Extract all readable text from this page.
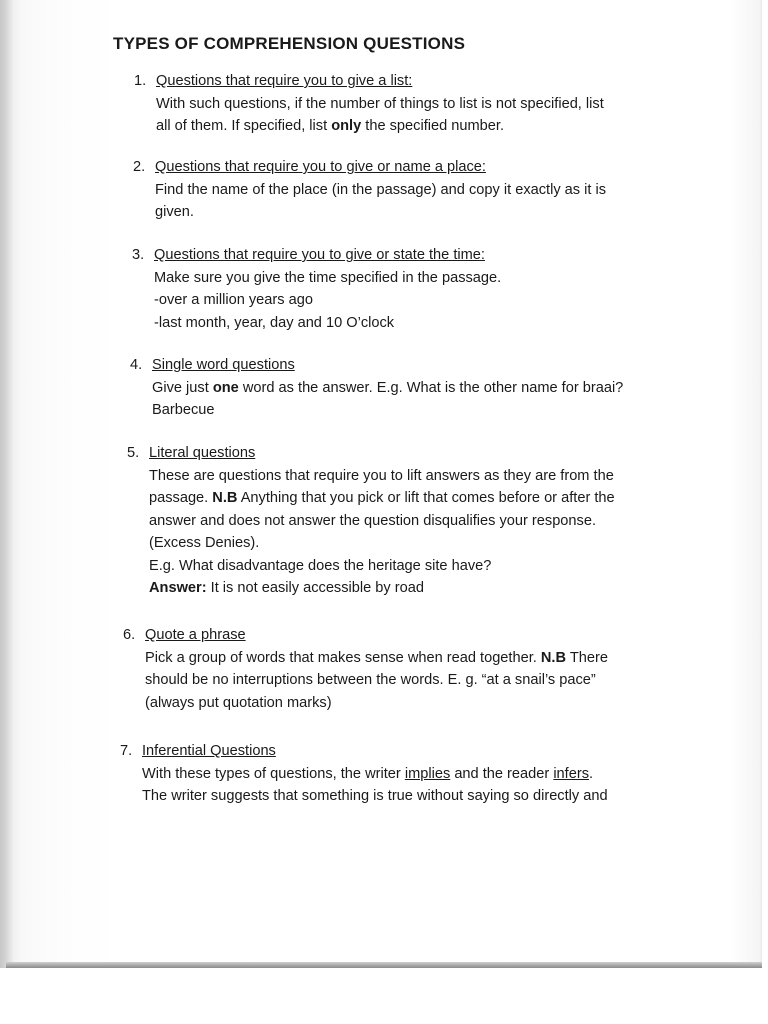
TYPES OF COMPREHENSION QUESTIONS
1. Questions that require you to give a list:
With such questions, if the number of things to list is not specified, list
all of them. If specified, list only the specified number.
2. Questions that require you to give or name a place:
Find the name of the place (in the passage) and copy it exactly as it is
given.
3. Questions that require you to give or state the time:
Make sure you give the time specified in the passage.
-over a million years ago
-last month, year, day and 10 O’clock
4. Single word questions
Give just one word as the answer. E.g. What is the other name for braai?
Barbecue
5. Literal questions
These are questions that require you to lift answers as they are from the
passage. N.B Anything that you pick or lift that comes before or after the
answer and does not answer the question disqualifies your response.
(Excess Denies).
E.g. What disadvantage does the heritage site have?
Answer: It is not easily accessible by road
6. Quote a phrase
Pick a group of words that makes sense when read together. N.B There
should be no interruptions between the words. E. g. “at a snail’s pace”
(always put quotation marks)
7. Inferential Questions
With these types of questions, the writer implies and the reader infers.
The writer suggests that something is true without saying so directly and
